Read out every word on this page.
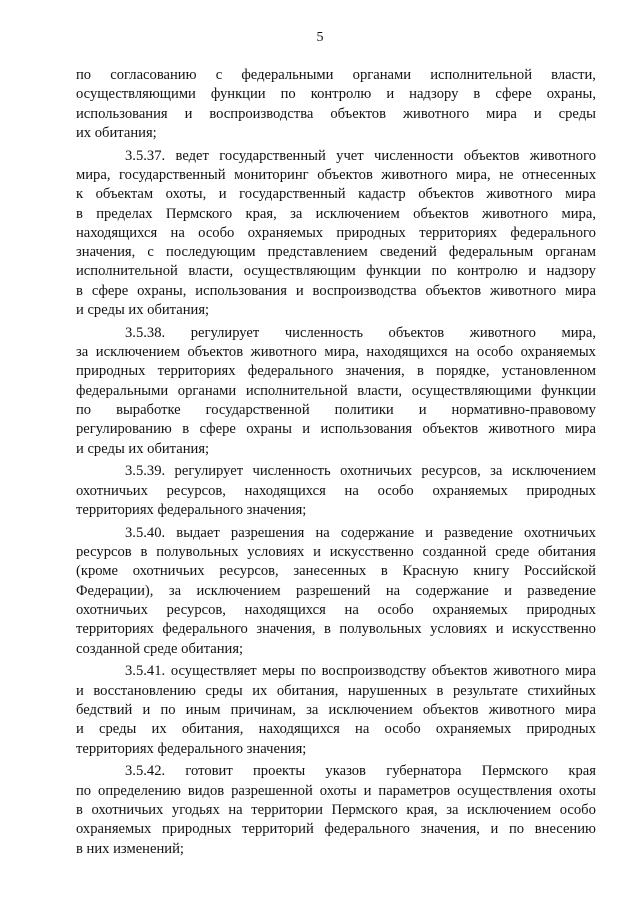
5
по согласованию с федеральными органами исполнительной власти,
осуществляющими функции по контролю и надзору в сфере охраны,
использования и воспроизводства объектов животного мира и среды
их обитания;
3.5.37. ведет государственный учет численности объектов животного
мира, государственный мониторинг объектов животного мира, не отнесенных
к объектам охоты, и государственный кадастр объектов животного мира
в пределах Пермского края, за исключением объектов животного мира,
находящихся на особо охраняемых природных территориях федерального
значения, с последующим представлением сведений федеральным органам
исполнительной власти, осуществляющим функции по контролю и надзору
в сфере охраны, использования и воспроизводства объектов животного мира
и среды их обитания;
3.5.38. регулирует численность объектов животного мира,
за исключением объектов животного мира, находящихся на особо охраняемых
природных территориях федерального значения, в порядке, установленном
федеральными органами исполнительной власти, осуществляющими функции
по выработке государственной политики и нормативно-правовому
регулированию в сфере охраны и использования объектов животного мира
и среды их обитания;
3.5.39. регулирует численность охотничьих ресурсов, за исключением
охотничьих ресурсов, находящихся на особо охраняемых природных
территориях федерального значения;
3.5.40. выдает разрешения на содержание и разведение охотничьих
ресурсов в полувольных условиях и искусственно созданной среде обитания
(кроме охотничьих ресурсов, занесенных в Красную книгу Российской
Федерации), за исключением разрешений на содержание и разведение
охотничьих ресурсов, находящихся на особо охраняемых природных
территориях федерального значения, в полувольных условиях и искусственно
созданной среде обитания;
3.5.41. осуществляет меры по воспроизводству объектов животного мира
и восстановлению среды их обитания, нарушенных в результате стихийных
бедствий и по иным причинам, за исключением объектов животного мира
и среды их обитания, находящихся на особо охраняемых природных
территориях федерального значения;
3.5.42. готовит проекты указов губернатора Пермского края
по определению видов разрешенной охоты и параметров осуществления охоты
в охотничьих угодьях на территории Пермского края, за исключением особо
охраняемых природных территорий федерального значения, и по внесению
в них изменений;
